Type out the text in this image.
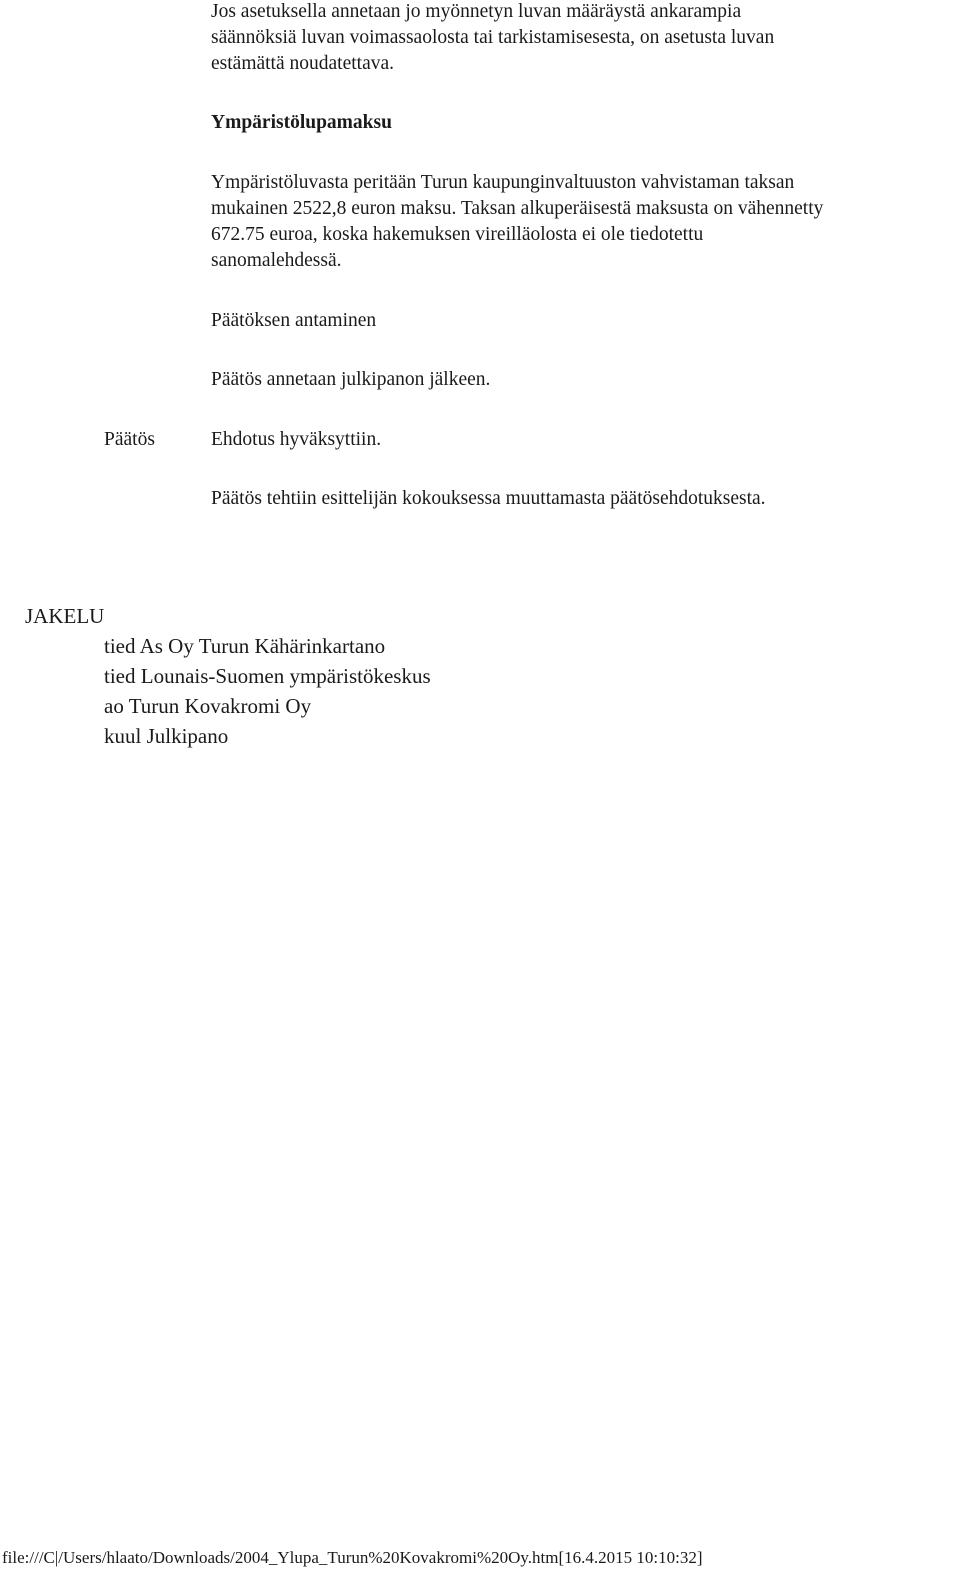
Jos asetuksella annetaan jo myönnetyn luvan määräystä ankarampia
säännöksiä luvan voimassaolosta tai tarkistamisesesta, on asetusta luvan
estämättä noudatettava.
Ympäristölupamaksu
Ympäristöluvasta peritään Turun kaupunginvaltuuston vahvistaman taksan
mukainen 2522,8 euron maksu. Taksan alkuperäisestä maksusta on vähennetty
672.75 euroa, koska hakemuksen vireilläolosta ei ole tiedotettu
sanomalehdessä.
Päätöksen antaminen
Päätös annetaan julkipanon jälkeen.
Päätös	Ehdotus hyväksyttiin.
Päätös tehtiin esittelijän kokouksessa muuttamasta päätösehdotuksesta.
JAKELU
tied As Oy Turun Kähärinkartano
tied Lounais-Suomen ympäristökeskus
ao Turun Kovakromi Oy
kuul Julkipano
file:///C|/Users/hlaato/Downloads/2004_Ylupa_Turun%20Kovakromi%20Oy.htm[16.4.2015 10:10:32]
